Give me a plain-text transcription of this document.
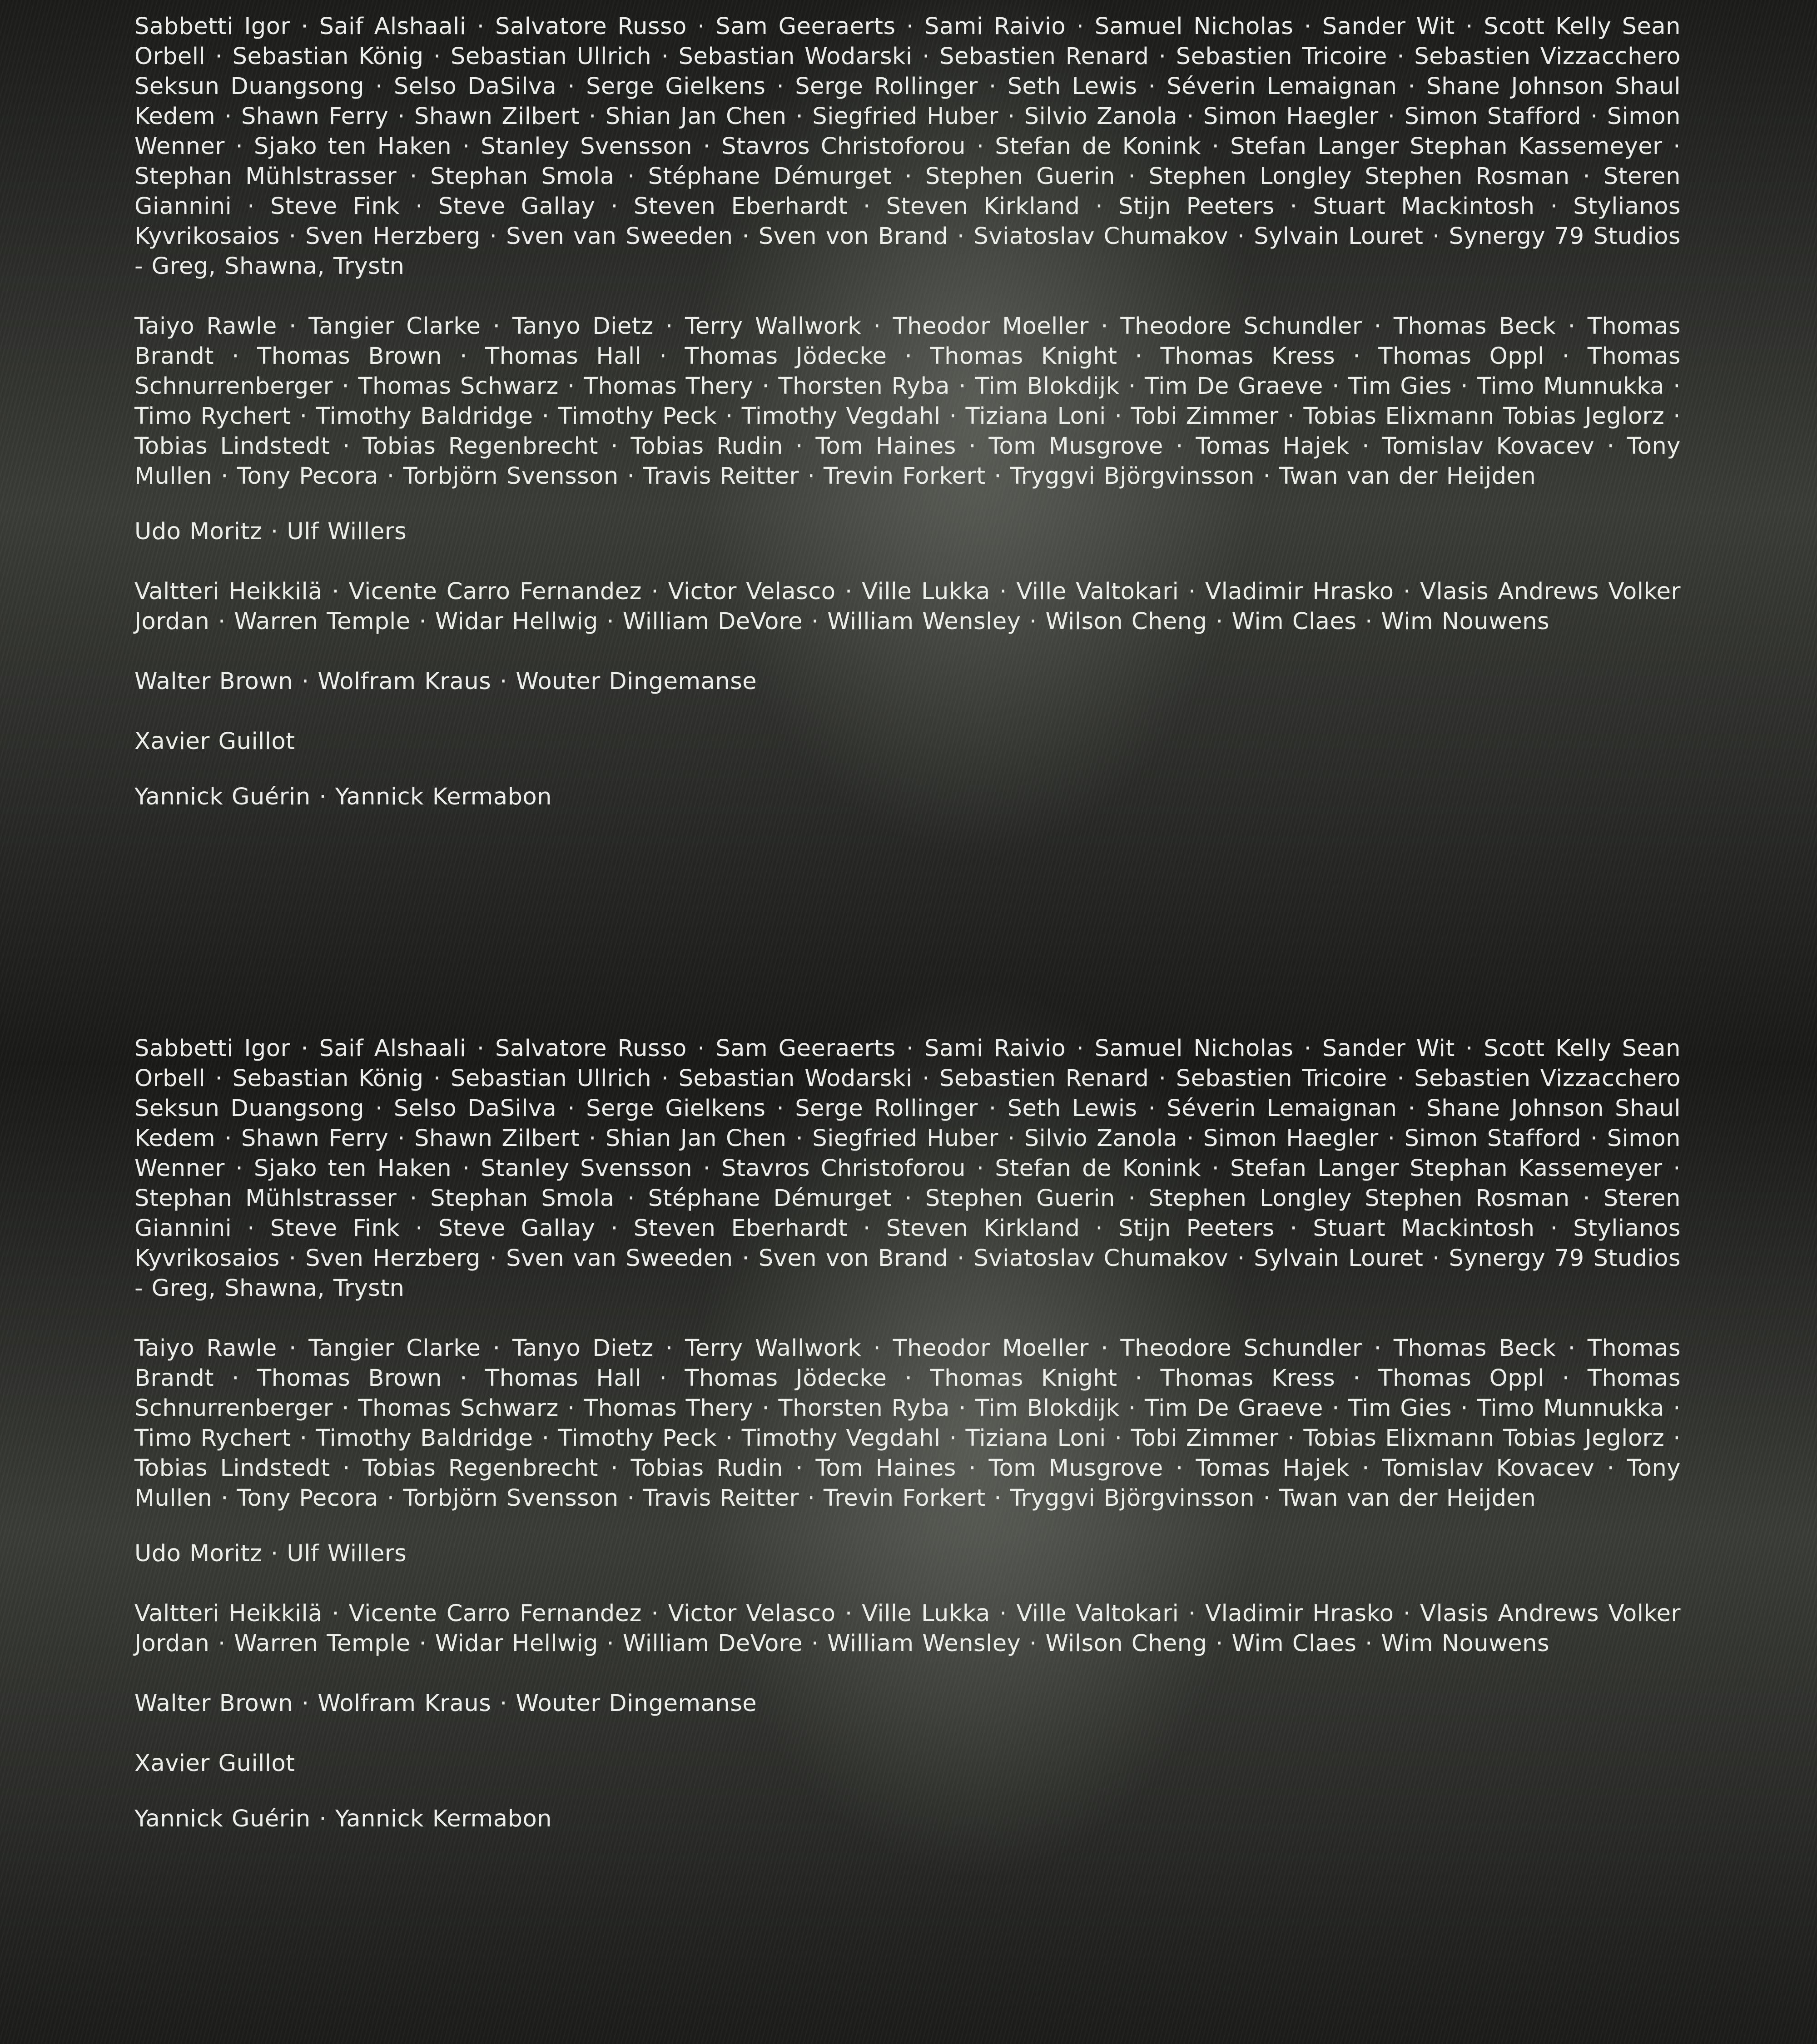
Sabbetti Igor · Saif Alshaali · Salvatore Russo · Sam Geeraerts · Sami Raivio · Samuel Nicholas · Sander Wit · Scott Kelly Sean Orbell · Sebastian König · Sebastian Ullrich · Sebastian Wodarski · Sebastien Renard · Sebastien Tricoire · Sebastien Vizzacchero Seksun Duangsong · Selso DaSilva · Serge Gielkens · Serge Rollinger · Seth Lewis · Séverin Lemaignan · Shane Johnson Shaul Kedem · Shawn Ferry · Shawn Zilbert · Shian Jan Chen · Siegfried Huber · Silvio Zanola · Simon Haegler · Simon Stafford · Simon Wenner · Sjako ten Haken · Stanley Svensson · Stavros Christoforou · Stefan de Konink · Stefan Langer Stephan Kassemeyer · Stephan Mühlstrasser · Stephan Smola · Stéphane Démurget · Stephen Guerin · Stephen Longley Stephen Rosman · Steren Giannini · Steve Fink · Steve Gallay · Steven Eberhardt · Steven Kirkland · Stijn Peeters · Stuart Mackintosh · Stylianos Kyvrikosaios · Sven Herzberg · Sven van Sweeden · Sven von Brand · Sviatoslav Chumakov · Sylvain Louret · Synergy 79 Studios - Greg, Shawna, Trystn

Taiyo Rawle · Tangier Clarke · Tanyo Dietz · Terry Wallwork · Theodor Moeller · Theodore Schundler · Thomas Beck · Thomas Brandt · Thomas Brown · Thomas Hall · Thomas Jödecke · Thomas Knight · Thomas Kress · Thomas Oppl · Thomas Schnurrenberger · Thomas Schwarz · Thomas Thery · Thorsten Ryba · Tim Blokdijk · Tim De Graeve · Tim Gies · Timo Munnukka · Timo Rychert · Timothy Baldridge · Timothy Peck · Timothy Vegdahl · Tiziana Loni · Tobi Zimmer · Tobias Elixmann Tobias Jeglorz · Tobias Lindstedt · Tobias Regenbrecht · Tobias Rudin · Tom Haines · Tom Musgrove · Tomas Hajek · Tomislav Kovacev · Tony Mullen · Tony Pecora · Torbjörn Svensson · Travis Reitter · Trevin Forkert · Tryggvi Björgvinsson · Twan van der Heijden

Udo Moritz · Ulf Willers

Valtteri Heikkilä · Vicente Carro Fernandez · Victor Velasco · Ville Lukka · Ville Valtokari · Vladimir Hrasko · Vlasis Andrews Volker Jordan · Warren Temple · Widar Hellwig · William DeVore · William Wensley · Wilson Cheng · Wim Claes · Wim Nouwens

Walter Brown · Wolfram Kraus · Wouter Dingemanse

Xavier Guillot

Yannick Guérin · Yannick Kermabon

Sabbetti Igor · Saif Alshaali · Salvatore Russo · Sam Geeraerts · Sami Raivio · Samuel Nicholas · Sander Wit · Scott Kelly Sean Orbell · Sebastian König · Sebastian Ullrich · Sebastian Wodarski · Sebastien Renard · Sebastien Tricoire · Sebastien Vizzacchero Seksun Duangsong · Selso DaSilva · Serge Gielkens · Serge Rollinger · Seth Lewis · Séverin Lemaignan · Shane Johnson Shaul Kedem · Shawn Ferry · Shawn Zilbert · Shian Jan Chen · Siegfried Huber · Silvio Zanola · Simon Haegler · Simon Stafford · Simon Wenner · Sjako ten Haken · Stanley Svensson · Stavros Christoforou · Stefan de Konink · Stefan Langer Stephan Kassemeyer · Stephan Mühlstrasser · Stephan Smola · Stéphane Démurget · Stephen Guerin · Stephen Longley Stephen Rosman · Steren Giannini · Steve Fink · Steve Gallay · Steven Eberhardt · Steven Kirkland · Stijn Peeters · Stuart Mackintosh · Stylianos Kyvrikosaios · Sven Herzberg · Sven van Sweeden · Sven von Brand · Sviatoslav Chumakov · Sylvain Louret · Synergy 79 Studios - Greg, Shawna, Trystn

Taiyo Rawle · Tangier Clarke · Tanyo Dietz · Terry Wallwork · Theodor Moeller · Theodore Schundler · Thomas Beck · Thomas Brandt · Thomas Brown · Thomas Hall · Thomas Jödecke · Thomas Knight · Thomas Kress · Thomas Oppl · Thomas Schnurrenberger · Thomas Schwarz · Thomas Thery · Thorsten Ryba · Tim Blokdijk · Tim De Graeve · Tim Gies · Timo Munnukka · Timo Rychert · Timothy Baldridge · Timothy Peck · Timothy Vegdahl · Tiziana Loni · Tobi Zimmer · Tobias Elixmann Tobias Jeglorz · Tobias Lindstedt · Tobias Regenbrecht · Tobias Rudin · Tom Haines · Tom Musgrove · Tomas Hajek · Tomislav Kovacev · Tony Mullen · Tony Pecora · Torbjörn Svensson · Travis Reitter · Trevin Forkert · Tryggvi Björgvinsson · Twan van der Heijden

Udo Moritz · Ulf Willers

Valtteri Heikkilä · Vicente Carro Fernandez · Victor Velasco · Ville Lukka · Ville Valtokari · Vladimir Hrasko · Vlasis Andrews Volker Jordan · Warren Temple · Widar Hellwig · William DeVore · William Wensley · Wilson Cheng · Wim Claes · Wim Nouwens

Walter Brown · Wolfram Kraus · Wouter Dingemanse

Xavier Guillot

Yannick Guérin · Yannick Kermabon
